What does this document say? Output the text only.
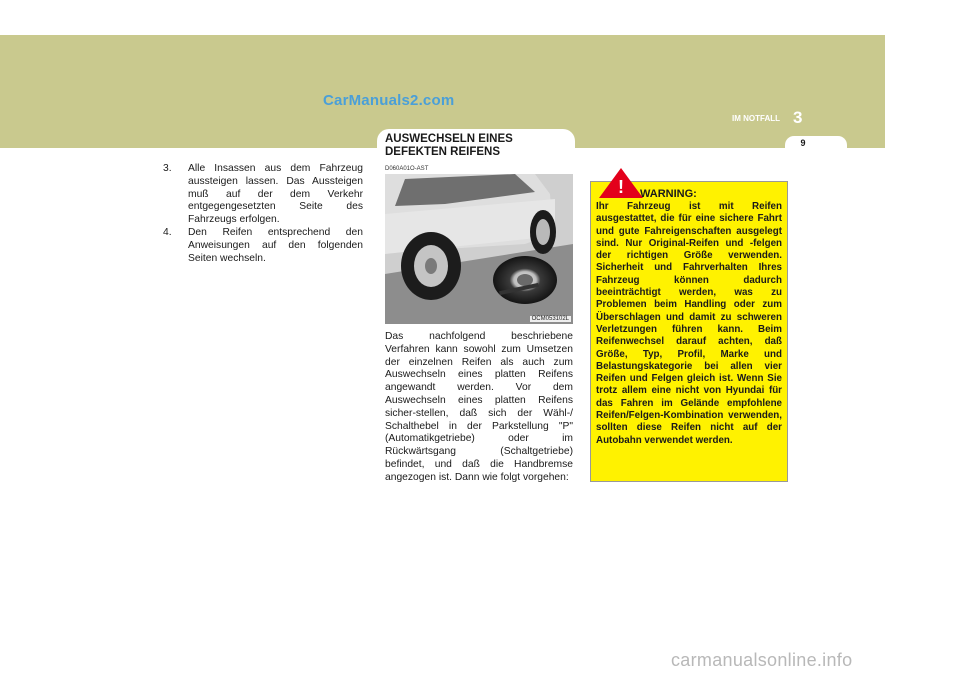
CarManuals2.com
IM NOTFALL 3
9
3. Alle Insassen aus dem Fahrzeug aussteigen lassen. Das Aussteigen muß auf der dem Verkehr entgegengesetzten Seite des Fahrzeugs erfolgen.
4. Den Reifen entsprechend den Anweisungen auf den folgenden Seiten wechseln.
AUSWECHSELN EINES
DEFEKTEN REIFENS
D060A01O-AST
OCM053102L

Das nachfolgend beschriebene Verfahren kann sowohl zum Umsetzen der einzelnen Reifen als auch zum Auswechseln eines platten Reifens angewandt werden. Vor dem Auswechseln eines platten Reifens sicher-stellen, daß sich der Wähl-/ Schalthebel in der Parkstellung "P" (Automatikgetriebe) oder im Rückwärtsgang (Schaltgetriebe) befindet, und daß die Handbremse angezogen ist. Dann wie folgt vorgehen:

! WARNING:

Ihr Fahrzeug ist mit Reifen ausgestattet, die für eine sichere Fahrt und gute Fahreigenschaften ausgelegt sind. Nur Original-Reifen und -felgen der richtigen Größe verwenden. Sicherheit und Fahrverhalten Ihres Fahrzeug können dadurch beeinträchtigt werden, was zu Problemen beim Handling oder zum Überschlagen und damit zu schweren Verletzungen führen kann. Beim Reifenwechsel darauf achten, daß Größe, Typ, Profil, Marke und Belastungskategorie bei allen vier Reifen und Felgen gleich ist. Wenn Sie trotz allem eine nicht von Hyundai für das Fahren im Gelände empfohlene Reifen/Felgen-Kombination verwenden, sollten diese Reifen nicht auf der Autobahn verwendet werden.

carmanualsonline.info
